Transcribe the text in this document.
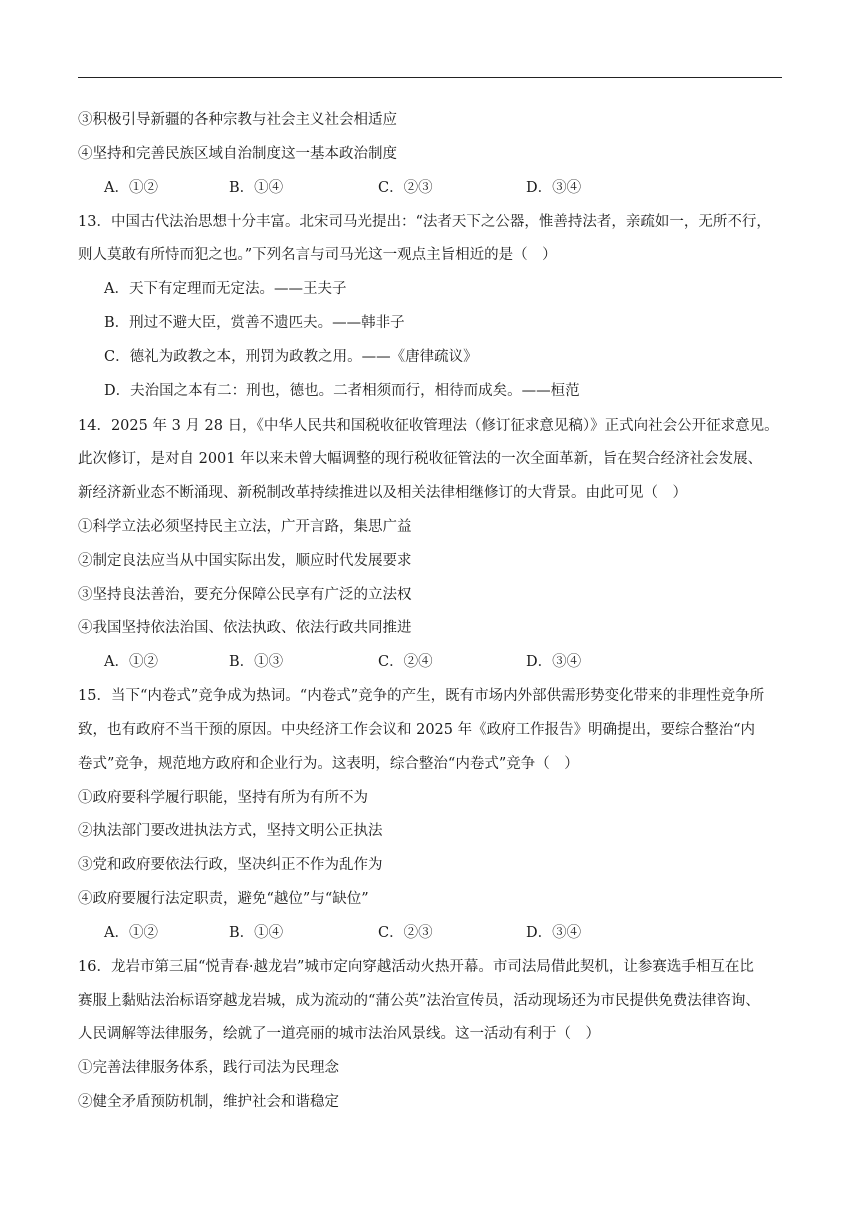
③积极引导新疆的各种宗教与社会主义社会相适应
④坚持和完善民族区域自治制度这一基本政治制度
A．①②	B．①④	C．②③	D．③④
13．中国古代法治思想十分丰富。北宋司马光提出：“法者天下之公器，惟善持法者，亲疏如一，无所不行，
则人莫敢有所恃而犯之也。”下列名言与司马光这一观点主旨相近的是（　）
A．天下有定理而无定法。——王夫子
B．刑过不避大臣，赏善不遗匹夫。——韩非子
C．德礼为政教之本，刑罚为政教之用。——《唐律疏议》
D．夫治国之本有二：刑也，德也。二者相须而行，相待而成矣。——桓范
14．2025 年 3 月 28 日，《中华人民共和国税收征收管理法（修订征求意见稿）》正式向社会公开征求意见。
此次修订，是对自 2001 年以来未曾大幅调整的现行税收征管法的一次全面革新，旨在契合经济社会发展、
新经济新业态不断涌现、新税制改革持续推进以及相关法律相继修订的大背景。由此可见（　）
①科学立法必须坚持民主立法，广开言路，集思广益
②制定良法应当从中国实际出发，顺应时代发展要求
③坚持良法善治，要充分保障公民享有广泛的立法权
④我国坚持依法治国、依法执政、依法行政共同推进
A．①②	B．①③	C．②④	D．③④
15．当下“内卷式”竞争成为热词。“内卷式”竞争的产生，既有市场内外部供需形势变化带来的非理性竞争所
致，也有政府不当干预的原因。中央经济工作会议和 2025 年《政府工作报告》明确提出，要综合整治“内
卷式”竞争，规范地方政府和企业行为。这表明，综合整治“内卷式”竞争（　）
①政府要科学履行职能，坚持有所为有所不为
②执法部门要改进执法方式，坚持文明公正执法
③党和政府要依法行政，坚决纠正不作为乱作为
④政府要履行法定职责，避免“越位”与“缺位”
A．①②	B．①④	C．②③	D．③④
16．龙岩市第三届“悦青春·越龙岩”城市定向穿越活动火热开幕。市司法局借此契机，让参赛选手相互在比
赛服上黏贴法治标语穿越龙岩城，成为流动的“蒲公英”法治宣传员，活动现场还为市民提供免费法律咨询、
人民调解等法律服务，绘就了一道亮丽的城市法治风景线。这一活动有利于（　）
①完善法律服务体系，践行司法为民理念
②健全矛盾预防机制，维护社会和谐稳定
